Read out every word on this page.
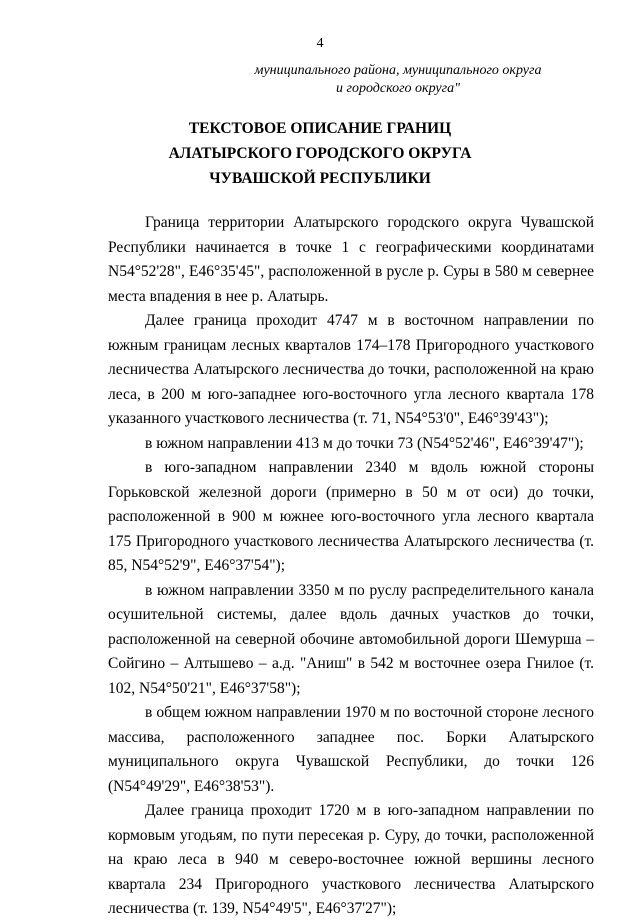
4
муниципального района, муниципального округа
и городского округа"
ТЕКСТОВОЕ ОПИСАНИЕ ГРАНИЦ
АЛАТЫРСКОГО ГОРОДСКОГО ОКРУГА
ЧУВАШСКОЙ РЕСПУБЛИКИ

Граница территории Алатырского городского округа Чувашской Республики начинается в точке 1 с географическими координатами N54°52'28", E46°35'45", расположенной в русле р. Суры в 580 м севернее места впадения в нее р. Алатырь.

Далее граница проходит 4747 м в восточном направлении по южным границам лесных кварталов 174–178 Пригородного участкового лесничества Алатырского лесничества до точки, расположенной на краю леса, в 200 м юго-западнее юго-восточного угла лесного квартала 178 указанного участкового лесничества (т. 71, N54°53'0", E46°39'43");

в южном направлении 413 м до точки 73 (N54°52'46", E46°39'47");

в юго-западном направлении 2340 м вдоль южной стороны Горьковской железной дороги (примерно в 50 м от оси) до точки, расположенной в 900 м южнее юго-восточного угла лесного квартала 175 Пригородного участкового лесничества Алатырского лесничества (т. 85, N54°52'9", E46°37'54");

в южном направлении 3350 м по руслу распределительного канала осушительной системы, далее вдоль дачных участков до точки, расположенной на северной обочине автомобильной дороги Шемурша – Сойгино – Алтышево – а.д. "Аниш" в 542 м восточнее озера Гнилое (т. 102, N54°50'21", E46°37'58");

в общем южном направлении 1970 м по восточной стороне лесного массива, расположенного западнее пос. Борки Алатырского муниципального округа Чувашской Республики, до точки 126 (N54°49'29", E46°38'53").

Далее граница проходит 1720 м в юго-западном направлении по кормовым угодьям, по пути пересекая р. Суру, до точки, расположенной на краю леса в 940 м северо-восточнее южной вершины лесного квартала 234 Пригородного участкового лесничества Алатырского лесничества (т. 139, N54°49'5", E46°37'27");
